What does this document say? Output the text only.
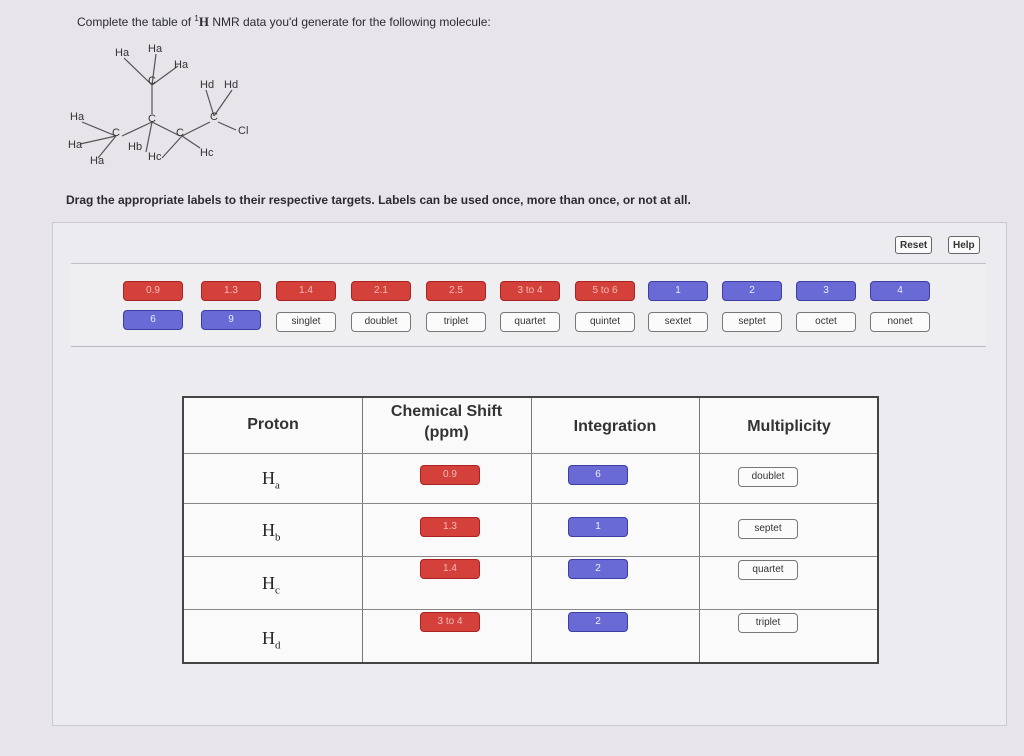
Complete the table of $^1$H NMR data you'd generate for the following molecule:
Ha Ha
Ha
Ha
Ha
Ha
Hb
Hc	Hc
Hd Hd
C
C
C	C
C
Cl
Drag the appropriate labels to their respective targets. Labels can be used once, more than once, or not at all.
Reset	Help
0.9	1.3	1.4	2.1	2.5	3 to 4	5 to 6	1	2	3	4
6	9	singlet	doublet	triplet	quartet	quintet	sextet	septet	octet	nonet
Proton
Chemical Shift
(ppm)	Integration	Multiplicity
$H_a$
0.9	6	doublet
$H_b$
1.3	1	septet
$H_c$
1.4	2	quartet
$H_d$
3 to 4	2	triplet
